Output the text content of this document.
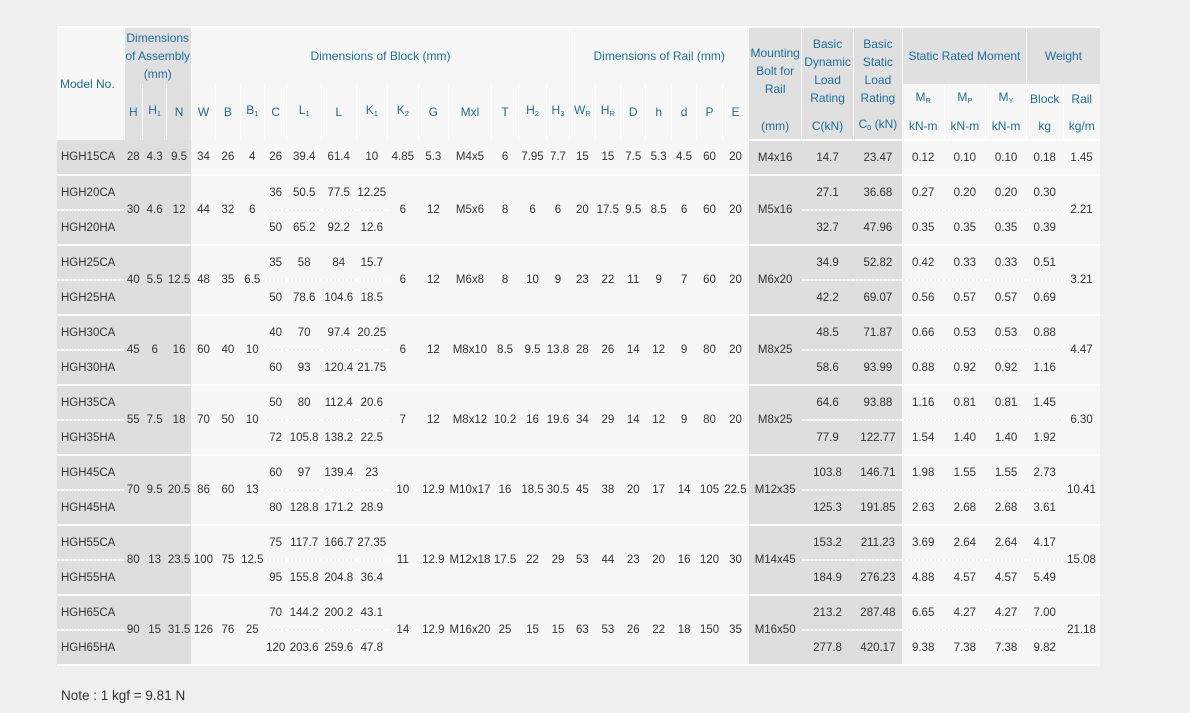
Model No.	Dimensions of Assembly (mm)			Dimensions of Block (mm)													Dimensions of Rail (mm)							Mounting Bolt for Rail	Basic Dynamic Load Rating	Basic Static Load Rating	Static Rated Moment			Weight	
	H	$H_1$	N	W	B	$B_1$	C	$L_1$	L	$K_1$	$K_2$	G	Mxl	T	$H_2$	$H_3$	$W_R$	$H_R$	D	h	d	P	E				$M_R$	$M_P$	$M_Y$	Block	Rail
																								(mm)	C(kN)	$C_0$ (kN)	kN-m	kN-m	kN-m	kg	kg/m
HGH15CA	28	4.3	9.5	34	26	4	26	39.4	61.4	10	4.85	5.3	M4x5	6	7.95	7.7	15	15	7.5	5.3	4.5	60	20	M4x16	14.7	23.47	0.12	0.10	0.10	0.18	1.45
HGH20CA	30	4.6	12	44	32	6	36	50.5	77.5	12.25	6	12	M5x6	8	6	6	20	17.5	9.5	8.5	6	60	20	M5x16	27.1	36.68	0.27	0.20	0.20	0.30	2.21
HGH20HA							50	65.2	92.2	12.6															32.7	47.96	0.35	0.35	0.35	0.39	
HGH25CA	40	5.5	12.5	48	35	6.5	35	58	84	15.7	6	12	M6x8	8	10	9	23	22	11	9	7	60	20	M6x20	34.9	52.82	0.42	0.33	0.33	0.51	3.21
HGH25HA							50	78.6	104.6	18.5															42.2	69.07	0.56	0.57	0.57	0.69	
HGH30CA	45	6	16	60	40	10	40	70	97.4	20.25	6	12	M8x10	8.5	9.5	13.8	28	26	14	12	9	80	20	M8x25	48.5	71.87	0.66	0.53	0.53	0.88	4.47
HGH30HA							60	93	120.4	21.75															58.6	93.99	0.88	0.92	0.92	1.16	
HGH35CA	55	7.5	18	70	50	10	50	80	112.4	20.6	7	12	M8x12	10.2	16	19.6	34	29	14	12	9	80	20	M8x25	64.6	93.88	1.16	0.81	0.81	1.45	6.30
HGH35HA							72	105.8	138.2	22.5															77.9	122.77	1.54	1.40	1.40	1.92	
HGH45CA	70	9.5	20.5	86	60	13	60	97	139.4	23	10	12.9	M10x17	16	18.5	30.5	45	38	20	17	14	105	22.5	M12x35	103.8	146.71	1.98	1.55	1.55	2.73	10.41
HGH45HA							80	128.8	171.2	28.9															125.3	191.85	2.63	2.68	2.68	3.61	
HGH55CA	80	13	23.5	100	75	12.5	75	117.7	166.7	27.35	11	12.9	M12x18	17.5	22	29	53	44	23	20	16	120	30	M14x45	153.2	211.23	3.69	2.64	2.64	4.17	15.08
HGH55HA							95	155.8	204.8	36.4															184.9	276.23	4.88	4.57	4.57	5.49	
HGH65CA	90	15	31.5	126	76	25	70	144.2	200.2	43.1	14	12.9	M16x20	25	15	15	63	53	26	22	18	150	35	M16x50	213.2	287.48	6.65	4.27	4.27	7.00	21.18
HGH65HA							120	203.6	259.6	47.8															277.8	420.17	9.38	7.38	7.38	9.82	
Note : 1 kgf = 9.81 N
